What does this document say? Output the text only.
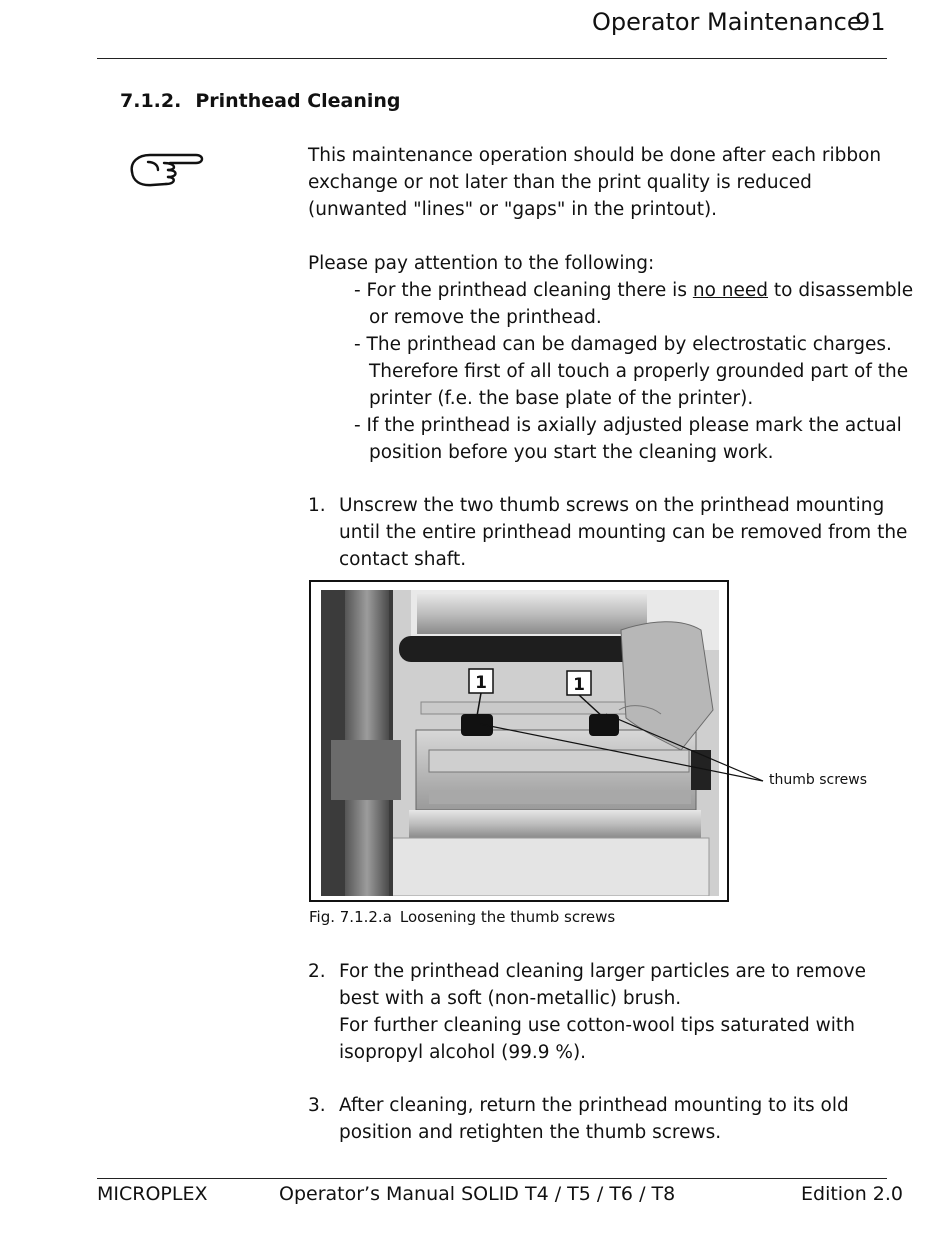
Operator Maintenance
91
7.1.2. Printhead Cleaning
This maintenance operation should be done after each ribbon exchange or not later than the print quality is reduced (unwanted "lines" or "gaps" in the printout).
Please pay attention to the following:
- For the printhead cleaning there is no need to disassemble or remove the printhead.
- The printhead can be damaged by electrostatic charges. Therefore first of all touch a properly grounded part of the printer (f.e. the base plate of the printer).
- If the printhead is axially adjusted please mark the actual position before you start the cleaning work.
1. Unscrew the two thumb screws on the printhead mounting until the entire printhead mounting can be removed from the contact shaft.
1	1
thumb screws
Fig. 7.1.2.a Loosening the thumb screws
2. For the printhead cleaning larger particles are to remove best with a soft (non-metallic) brush.
For further cleaning use cotton-wool tips saturated with isopropyl alcohol (99.9 %).
3. After cleaning, return the printhead mounting to its old position and retighten the thumb screws.
MICROPLEX	Operator’s Manual SOLID T4 / T5 / T6 / T8	Edition 2.0
